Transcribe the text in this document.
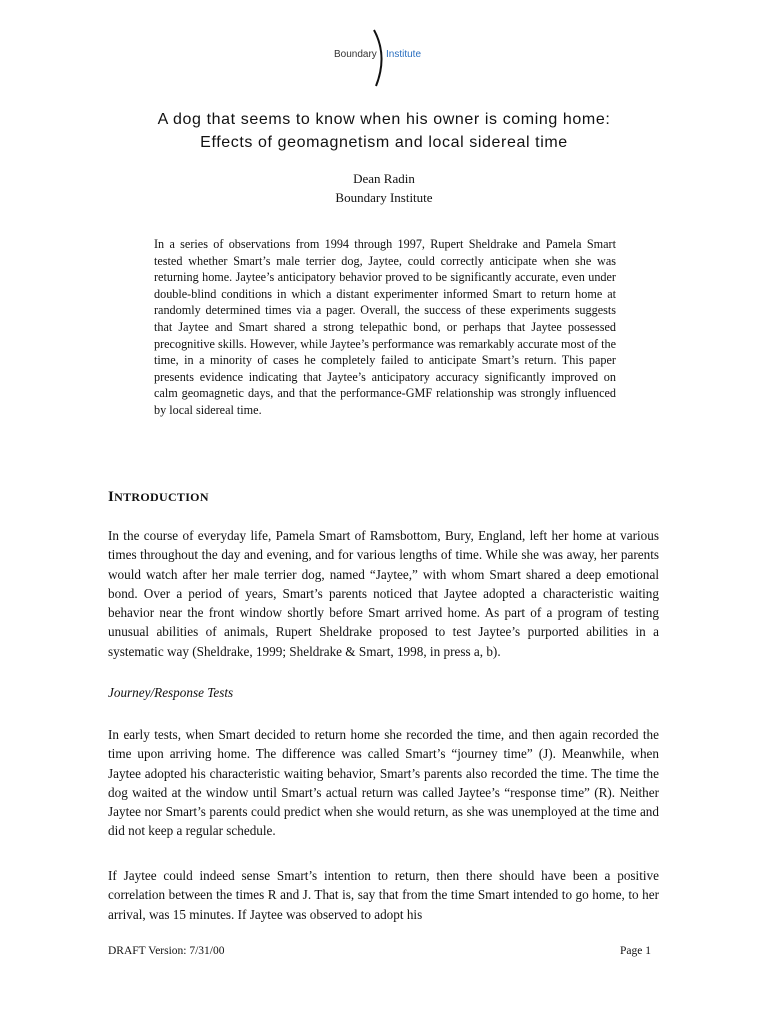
Boundary Institute
A dog that seems to know when his owner is coming home:
Effects of geomagnetism and local sidereal time
Dean Radin
Boundary Institute
In a series of observations from 1994 through 1997, Rupert Sheldrake and Pamela Smart tested whether Smart’s male terrier dog, Jaytee, could correctly anticipate when she was returning home. Jaytee’s anticipatory behavior proved to be significantly accurate, even under double-blind conditions in which a distant experimenter informed Smart to return home at randomly determined times via a pager. Overall, the success of these experiments suggests that Jaytee and Smart shared a strong telepathic bond, or perhaps that Jaytee possessed precognitive skills. However, while Jaytee’s performance was remarkably accurate most of the time, in a minority of cases he completely failed to anticipate Smart’s return. This paper presents evidence indicating that Jaytee’s anticipatory accuracy significantly improved on calm geomagnetic days, and that the performance-GMF relationship was strongly influenced by local sidereal time.
INTRODUCTION
In the course of everyday life, Pamela Smart of Ramsbottom, Bury, England, left her home at various times throughout the day and evening, and for various lengths of time. While she was away, her parents would watch after her male terrier dog, named “Jaytee,” with whom Smart shared a deep emotional bond. Over a period of years, Smart’s parents noticed that Jaytee adopted a characteristic waiting behavior near the front window shortly before Smart arrived home. As part of a program of testing unusual abilities of animals, Rupert Sheldrake proposed to test Jaytee’s purported abilities in a systematic way (Sheldrake, 1999; Sheldrake & Smart, 1998, in press a, b).
Journey/Response Tests
In early tests, when Smart decided to return home she recorded the time, and then again recorded the time upon arriving home. The difference was called Smart’s “journey time” (J). Meanwhile, when Jaytee adopted his characteristic waiting behavior, Smart’s parents also recorded the time. The time the dog waited at the window until Smart’s actual return was called Jaytee’s “response time” (R). Neither Jaytee nor Smart’s parents could predict when she would return, as she was unemployed at the time and did not keep a regular schedule.
If Jaytee could indeed sense Smart’s intention to return, then there should have been a positive correlation between the times R and J. That is, say that from the time Smart intended to go home, to her arrival, was 15 minutes. If Jaytee was observed to adopt his
DRAFT Version: 7/31/00	Page 1
